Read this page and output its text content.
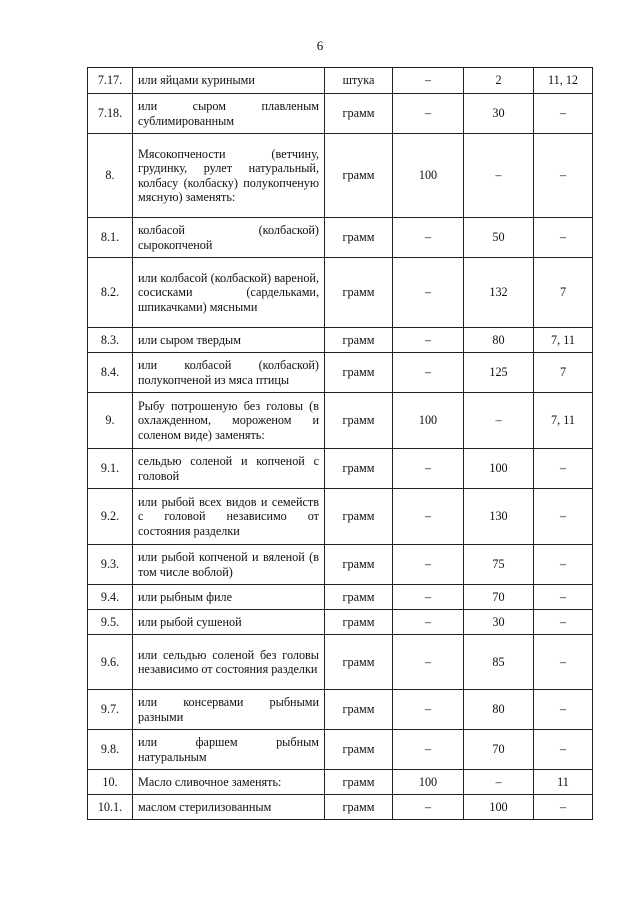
6
7.17.	или яйцами куриными	штука	–	2	11, 12
7.18.	или сыром плавленым сублимированным	грамм	–	30	–
8.	Мясокопчености (ветчину, грудинку, рулет натуральный, колбасу (колбаску) полукопченую мясную) заменять:	грамм	100	–	–
8.1.	колбасой (колбаской) сырокопченой	грамм	–	50	–
8.2.	или колбасой (колбаской) вареной, сосисками (сардельками, шпикачками) мясными	грамм	–	132	7
8.3.	или сыром твердым	грамм	–	80	7, 11
8.4.	или колбасой (колбаской) полукопченой из мяса птицы	грамм	–	125	7
9.	Рыбу потрошеную без головы (в охлажденном, мороженом и соленом виде) заменять:	грамм	100	–	7, 11
9.1.	сельдью соленой и копченой с головой	грамм	–	100	–
9.2.	или рыбой всех видов и семейств с головой независимо от состояния разделки	грамм	–	130	–
9.3.	или рыбой копченой и вяленой (в том числе воблой)	грамм	–	75	–
9.4.	или рыбным филе	грамм	–	70	–
9.5.	или рыбой сушеной	грамм	–	30	–
9.6.	или сельдью соленой без головы независимо от состояния разделки	грамм	–	85	–
9.7.	или консервами рыбными разными	грамм	–	80	–
9.8.	или фаршем рыбным натуральным	грамм	–	70	–
10.	Масло сливочное заменять:	грамм	100	–	11
10.1.	маслом стерилизованным	грамм	–	100	–
